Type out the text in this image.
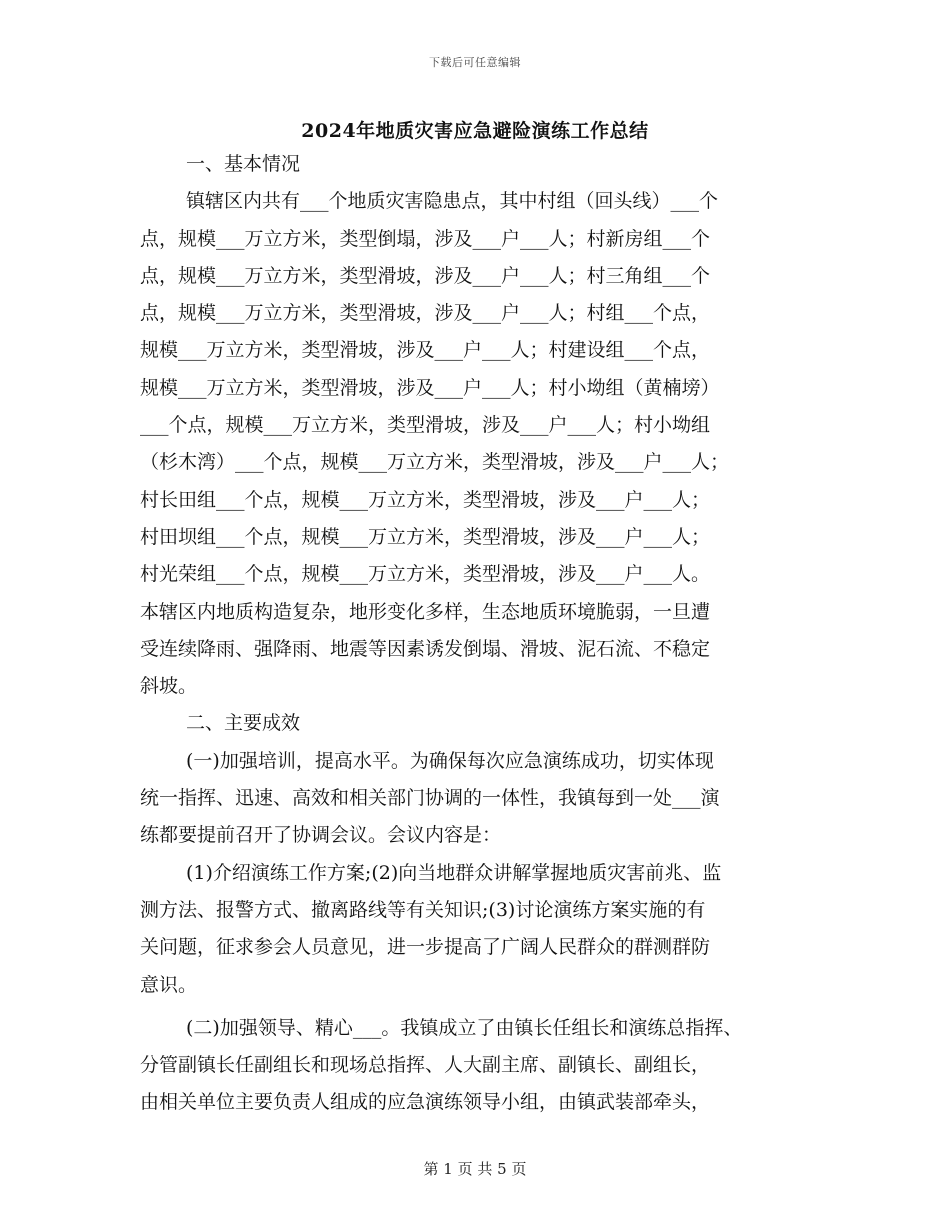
下载后可任意编辑
2024年地质灾害应急避险演练工作总结
一、基本情况
镇辖区内共有___个地质灾害隐患点，其中村组（回头线）___个
点，规模___万立方米，类型倒塌，涉及___户___人；村新房组___个
点，规模___万立方米，类型滑坡，涉及___户___人；村三角组___个
点，规模___万立方米，类型滑坡，涉及___户___人；村组___个点，
规模___万立方米，类型滑坡，涉及___户___人；村建设组___个点，
规模___万立方米，类型滑坡，涉及___户___人；村小坳组（黄楠塝）
___个点，规模___万立方米，类型滑坡，涉及___户___人；村小坳组
（杉木湾）___个点，规模___万立方米，类型滑坡，涉及___户___人；
村长田组___个点，规模___万立方米，类型滑坡，涉及___户___人；
村田坝组___个点，规模___万立方米，类型滑坡，涉及___户___人；
村光荣组___个点，规模___万立方米，类型滑坡，涉及___户___人。
本辖区内地质构造复杂，地形变化多样，生态地质环境脆弱，一旦遭
受连续降雨、强降雨、地震等因素诱发倒塌、滑坡、泥石流、不稳定
斜坡。
二、主要成效
(一)加强培训，提高水平。为确保每次应急演练成功，切实体现
统一指挥、迅速、高效和相关部门协调的一体性，我镇每到一处___演
练都要提前召开了协调会议。会议内容是：
(1)介绍演练工作方案;(2)向当地群众讲解掌握地质灾害前兆、监
测方法、报警方式、撤离路线等有关知识;(3)讨论演练方案实施的有
关问题，征求参会人员意见，进一步提高了广阔人民群众的群测群防
意识。
(二)加强领导、精心___。我镇成立了由镇长任组长和演练总指挥、
分管副镇长任副组长和现场总指挥、人大副主席、副镇长、副组长，
由相关单位主要负责人组成的应急演练领导小组，由镇武装部牵头，
第 1 页 共 5 页
